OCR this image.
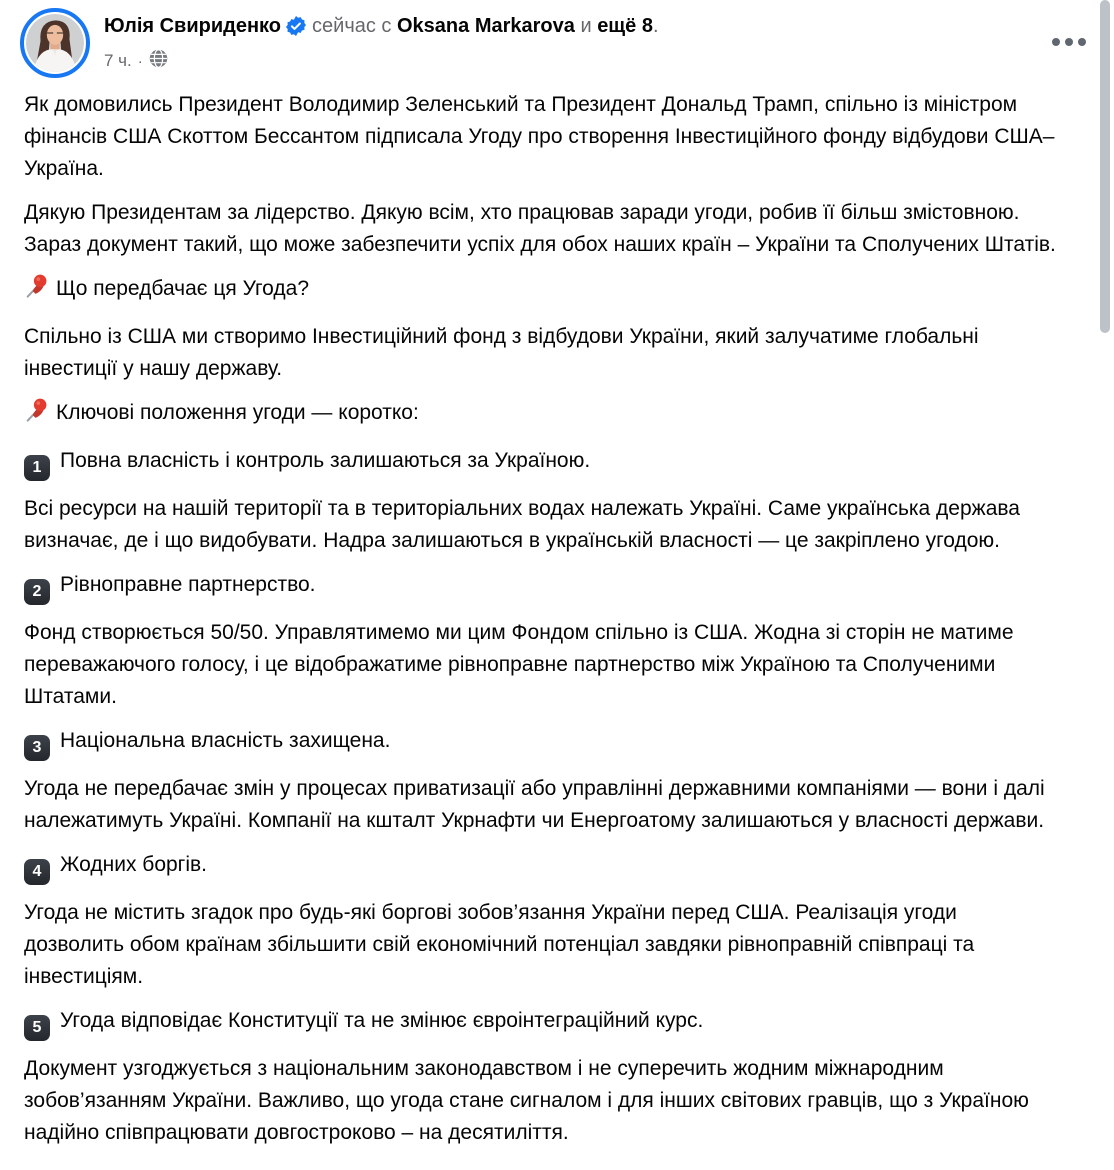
Юлія Свириденко сейчас с Oksana Markarova и ещё 8.
7 ч. ·

Як домовились Президент Володимир Зеленський та Президент Дональд Трамп, спільно із міністром фінансів США Скоттом Бессантом підписала Угоду про створення Інвестиційного фонду відбудови США–Україна.

Дякую Президентам за лідерство. Дякую всім, хто працював заради угоди, робив її більш змістовною. Зараз документ такий, що може забезпечити успіх для обох наших країн – України та Сполучених Штатів.

Що передбачає ця Угода?

Спільно із США ми створимо Інвестиційний фонд з відбудови України, який залучатиме глобальні інвестиції у нашу державу.

Ключові положення угоди — коротко:

1 Повна власність і контроль залишаються за Україною.

Всі ресурси на нашій території та в територіальних водах належать Україні. Саме українська держава визначає, де і що видобувати. Надра залишаються в українській власності — це закріплено угодою.

2 Рівноправне партнерство.

Фонд створюється 50/50. Управлятимемо ми цим Фондом спільно із США. Жодна зі сторін не матиме переважаючого голосу, і це відображатиме рівноправне партнерство між Україною та Сполученими Штатами.

3 Національна власність захищена.

Угода не передбачає змін у процесах приватизації або управлінні державними компаніями — вони і далі належатимуть Україні. Компанії на кшталт Укрнафти чи Енергоатому залишаються у власності держави.

4 Жодних боргів.

Угода не містить згадок про будь-які боргові зобов’язання України перед США. Реалізація угоди дозволить обом країнам збільшити свій економічний потенціал завдяки рівноправній співпраці та інвестиціям.

5 Угода відповідає Конституції та не змінює євроінтеграційний курс.

Документ узгоджується з національним законодавством і не суперечить жодним міжнародним зобов’язанням України. Важливо, що угода стане сигналом і для інших світових гравців, що з Україною надійно співпрацювати довгостроково – на десятиліття.
